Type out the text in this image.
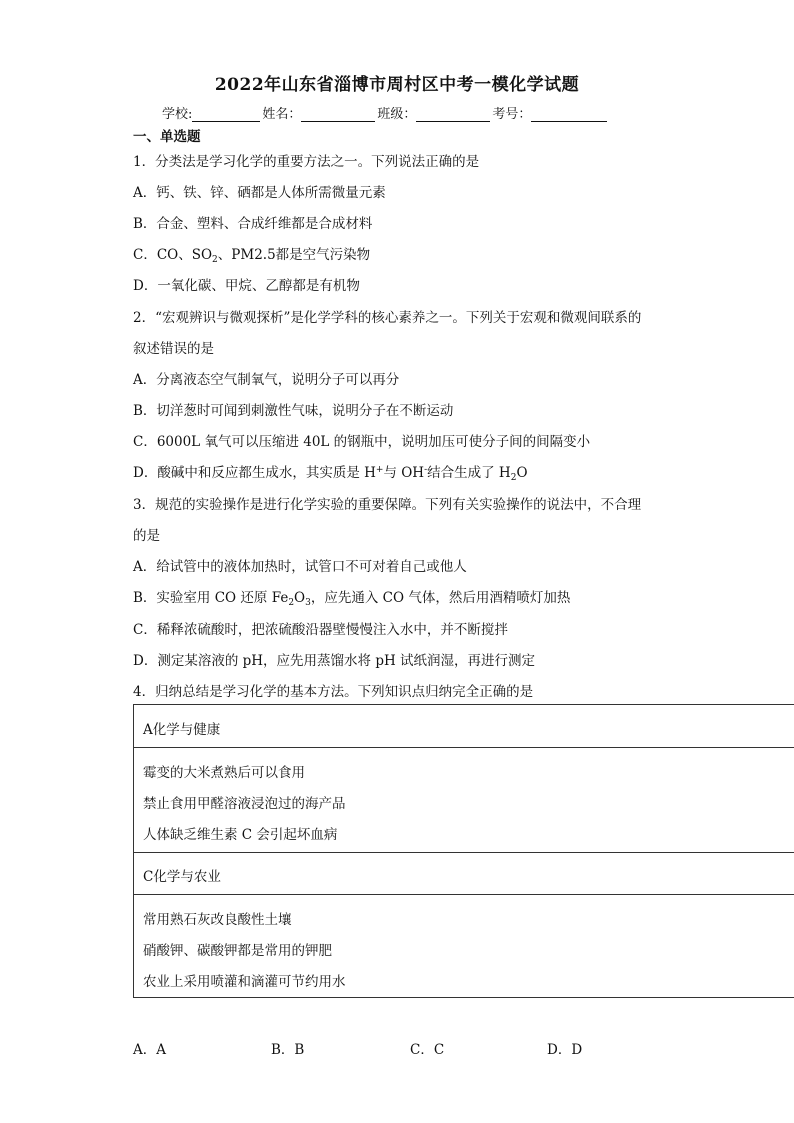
2022年山东省淄博市周村区中考一模化学试题
学校:	姓名：	班级：	考号：
一、单选题
1．分类法是学习化学的重要方法之一。下列说法正确的是
A．钙、铁、锌、硒都是人体所需微量元素
B．合金、塑料、合成纤维都是合成材料
C．CO、$SO_2$、PM2.5都是空气污染物
D．一氧化碳、甲烷、乙醇都是有机物
2．“宏观辨识与微观探析”是化学学科的核心素养之一。下列关于宏观和微观间联系的
叙述错误的是
A．分离液态空气制氧气，说明分子可以再分
B．切洋葱时可闻到刺激性气味，说明分子在不断运动
C．6000L 氧气可以压缩进 40L 的钢瓶中，说明加压可使分子间的间隔变小
D．酸碱中和反应都生成水，其实质是 H+与 OH-结合生成了 $H_2O$
3．规范的实验操作是进行化学实验的重要保障。下列有关实验操作的说法中，不合理
的是
A．给试管中的液体加热时，试管口不可对着自己或他人
B．实验室用 CO 还原 $Fe_2O_3$，应先通入 CO 气体，然后用酒精喷灯加热
C．稀释浓硫酸时，把浓硫酸沿器壁慢慢注入水中，并不断搅拌
D．测定某溶液的 pH，应先用蒸馏水将 pH 试纸润湿，再进行测定
4．归纳总结是学习化学的基本方法。下列知识点归纳完全正确的是
A化学与健康
霉变的大米煮熟后可以食用
禁止食用甲醛溶液浸泡过的海产品
人体缺乏维生素 C 会引起坏血病
C化学与农业
常用熟石灰改良酸性土壤
硝酸钾、碳酸钾都是常用的钾肥
农业上采用喷灌和滴灌可节约用水
A．A	B．B	C．C	D．D
